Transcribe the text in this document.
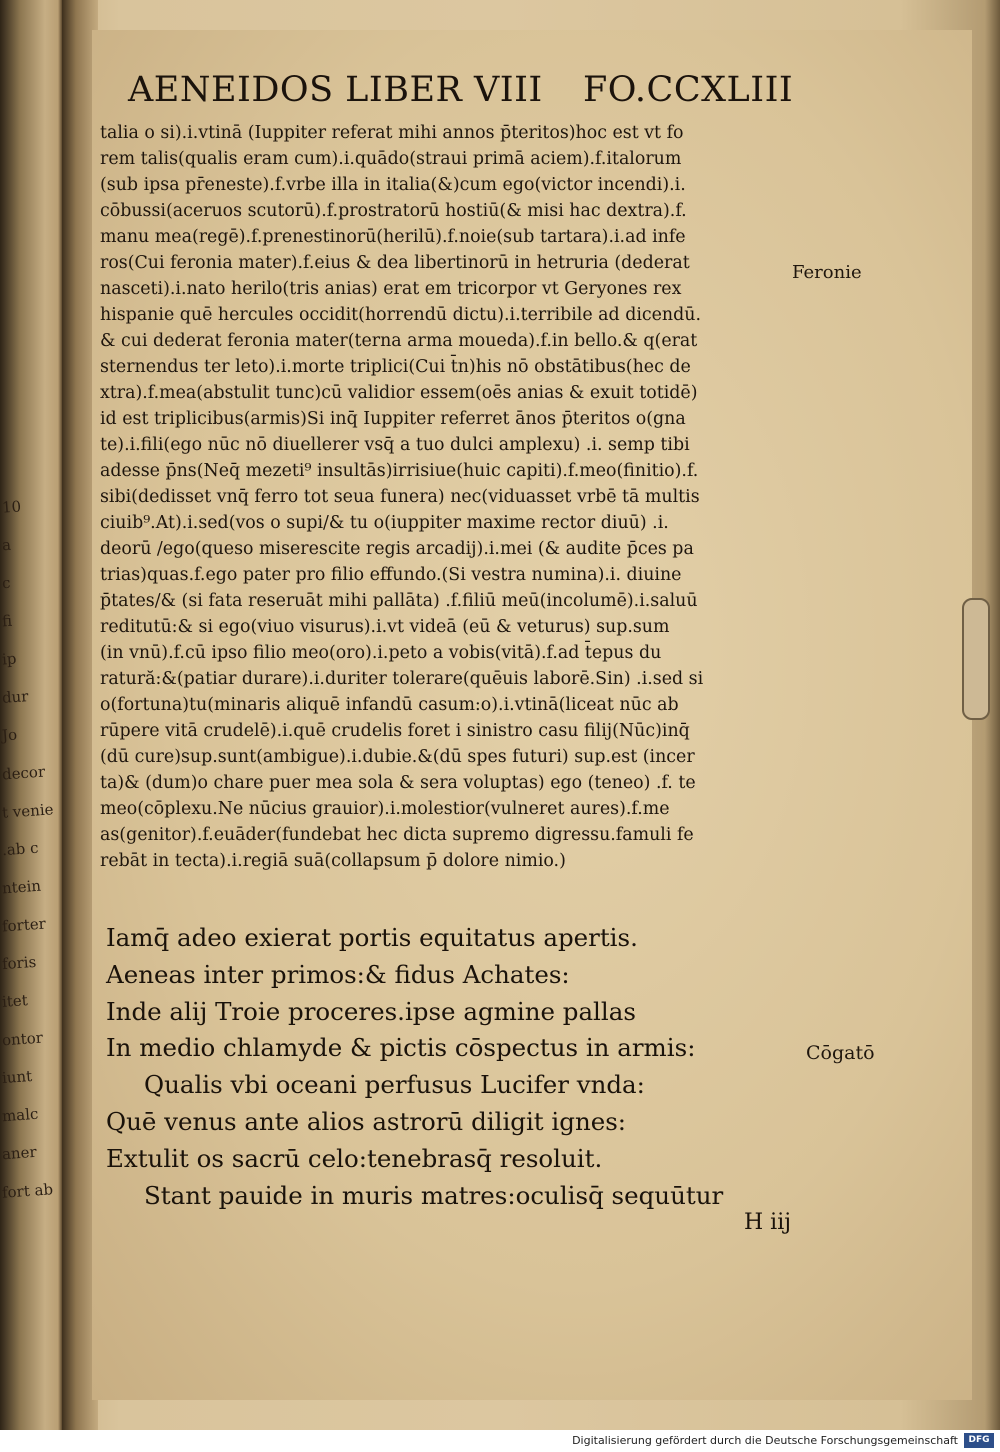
10
a
c
fi
ip
dur
Jo
decor
t venie
.ab c
ntein
forter
foris
itet
ontor
iunt
malc
aner
fort ab
AENEIDOS LIBER VIII FO.CCXLIII
talia o si).i.vtinā (Iuppiter referat mihi annos p̄teritos)hoc est vt fo
rem talis(qualis eram cum).i.quādo(straui primā aciem).f.italorum
(sub ipsa pr̄eneste).f.vrbe illa in italia(&)cum ego(victor incendi).i.
cōbussi(aceruos scutorū).f.prostratorū hostiū(& misi hac dextra).f.
manu mea(regē).f.prenestinorū(herilū).f.noie(sub tartara).i.ad infe
ros(Cui feronia mater).f.eius & dea libertinorū in hetruria (dederat
nasceti).i.nato herilo(tris anias) erat em tricorpor vt Geryones rex
hispanie quē hercules occidit(horrendū dictu).i.terribile ad dicendū.
& cui dederat feronia mater(terna arma moueda).f.in bello.& q(erat
sternendus ter leto).i.morte triplici(Cui t̄n)his nō obstātibus(hec de
xtra).f.mea(abstulit tunc)cū validior essem(oēs anias & exuit totidē)
id est triplicibus(armis)Si inq̄ Iuppiter referret ānos p̄teritos o(gna
te).i.fili(ego nūc nō diuellerer vsq̄ a tuo dulci amplexu) .i. semp tibi
adesse p̄ns(Neq̄ mezeti⁹ insultās)irrisiue(huic capiti).f.meo(finitio).f.
sibi(dedisset vnq̄ ferro tot seua funera) nec(viduasset vrbē tā multis
ciuib⁹.At).i.sed(vos o supi/& tu o(iuppiter maxime rector diuū) .i.
deorū /ego(queso miserescite regis arcadij).i.mei (& audite p̄ces pa
trias)quas.f.ego pater pro filio effundo.(Si vestra numina).i. diuine
p̄tates/& (si fata reseruāt mihi pallāta) .f.filiū meū(incolumē).i.saluū
reditutū:& si ego(viuo visurus).i.vt videā (eū & veturus) sup.sum
(in vnū).f.cū ipso filio meo(oro).i.peto a vobis(vitā).f.ad t̄epus du
ratură:&(patiar durare).i.duriter tolerare(quēuis laborē.Sin) .i.sed si
o(fortuna)tu(minaris aliquē infandū casum:o).i.vtinā(liceat nūc ab
rūpere vitā crudelē).i.quē crudelis foret i sinistro casu filij(Nūc)inq̄
(dū cure)sup.sunt(ambigue).i.dubie.&(dū spes futuri) sup.est (incer
ta)& (dum)o chare puer mea sola & sera voluptas) ego (teneo) .f. te
meo(cōplexu.Ne nūcius grauior).i.molestior(vulneret aures).f.me
as(genitor).f.euāder(fundebat hec dicta supremo digressu.famuli fe
rebāt in tecta).i.regiā suā(collapsum p̄ dolore nimio.)
Feronie
Cōgatō
Iamq̄ adeo exierat portis equitatus apertis.
Aeneas inter primos:& fidus Achates:
Inde alij Troie proceres.ipse agmine pallas
In medio chlamyde & pictis cōspectus in armis:
Qualis vbi oceani perfusus Lucifer vnda:
Quē venus ante alios astrorū diligit ignes:
Extulit os sacrū celo:tenebrasq̄ resoluit.
Stant pauide in muris matres:oculisq̄ sequūtur
H iij
Digitalisierung gefördert durch die Deutsche Forschungsgemeinschaft	DFG
